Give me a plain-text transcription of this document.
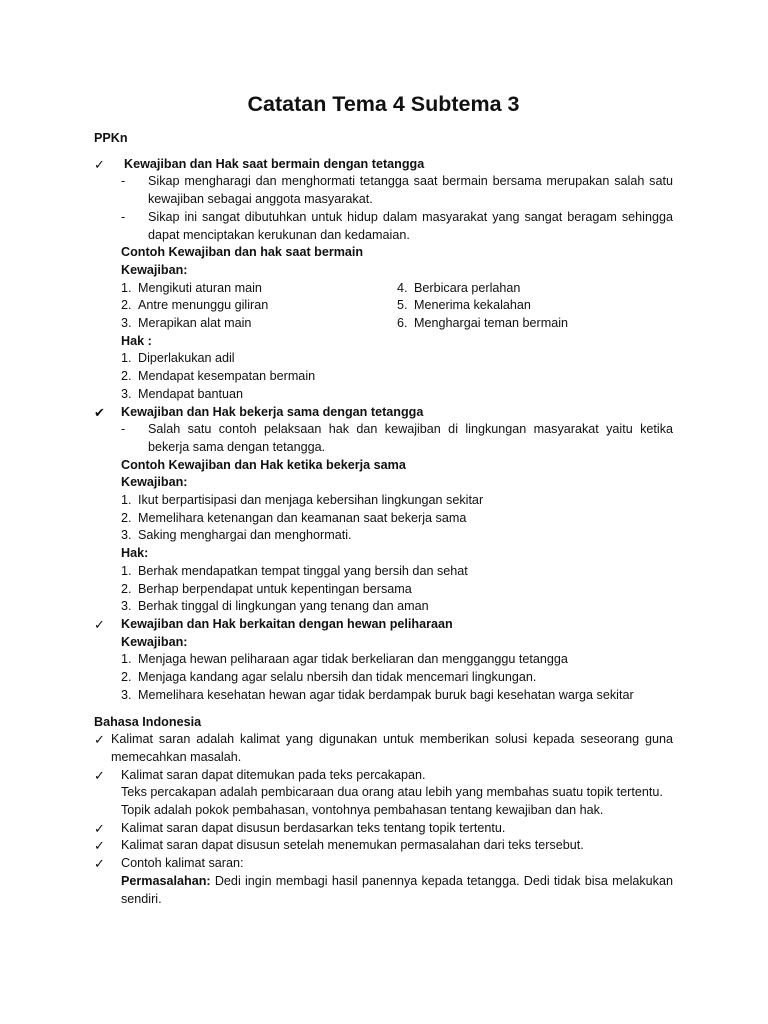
Catatan Tema 4 Subtema 3
PPKn
✓ Kewajiban dan Hak saat bermain dengan tetangga
- Sikap mengharagi dan menghormati tetangga saat bermain bersama merupakan salah satu kewajiban sebagai anggota masyarakat.
- Sikap ini sangat dibutuhkan untuk hidup dalam masyarakat yang sangat beragam sehingga dapat menciptakan kerukunan dan kedamaian.
Contoh Kewajiban dan hak saat bermain
Kewajiban:
1. Mengikuti aturan main
2. Antre menunggu giliran
3. Merapikan alat main
4. Berbicara perlahan
5. Menerima kekalahan
6. Menghargai teman bermain
Hak :
1. Diperlakukan adil
2. Mendapat kesempatan bermain
3. Mendapat bantuan
✔ Kewajiban dan Hak bekerja sama dengan tetangga
- Salah satu contoh pelaksaan hak dan kewajiban di lingkungan masyarakat yaitu ketika bekerja sama dengan tetangga.
Contoh Kewajiban dan Hak ketika bekerja sama
Kewajiban:
1. Ikut berpartisipasi dan menjaga kebersihan lingkungan sekitar
2. Memelihara ketenangan dan keamanan saat bekerja sama
3. Saking menghargai dan menghormati.
Hak:
1. Berhak mendapatkan tempat tinggal yang bersih dan sehat
2. Berhap berpendapat untuk kepentingan bersama
3. Berhak tinggal di lingkungan yang tenang dan aman
✓ Kewajiban dan Hak berkaitan dengan hewan peliharaan
Kewajiban:
1. Menjaga hewan peliharaan agar tidak berkeliaran dan mengganggu tetangga
2. Menjaga kandang agar selalu nbersih dan tidak mencemari lingkungan.
3. Memelihara kesehatan hewan agar tidak berdampak buruk bagi kesehatan warga sekitar
Bahasa Indonesia
✓ Kalimat saran adalah kalimat yang digunakan untuk memberikan solusi kepada seseorang guna memecahkan masalah.
✓ Kalimat saran dapat ditemukan pada teks percakapan.
Teks percakapan adalah pembicaraan dua orang atau lebih yang membahas suatu topik tertentu.
Topik adalah pokok pembahasan, vontohnya pembahasan tentang kewajiban dan hak.
✓ Kalimat saran dapat disusun berdasarkan teks tentang topik tertentu.
✓ Kalimat saran dapat disusun setelah menemukan permasalahan dari teks tersebut.
✓ Contoh kalimat saran:
Permasalahan: Dedi ingin membagi hasil panennya kepada tetangga. Dedi tidak bisa melakukan sendiri.
